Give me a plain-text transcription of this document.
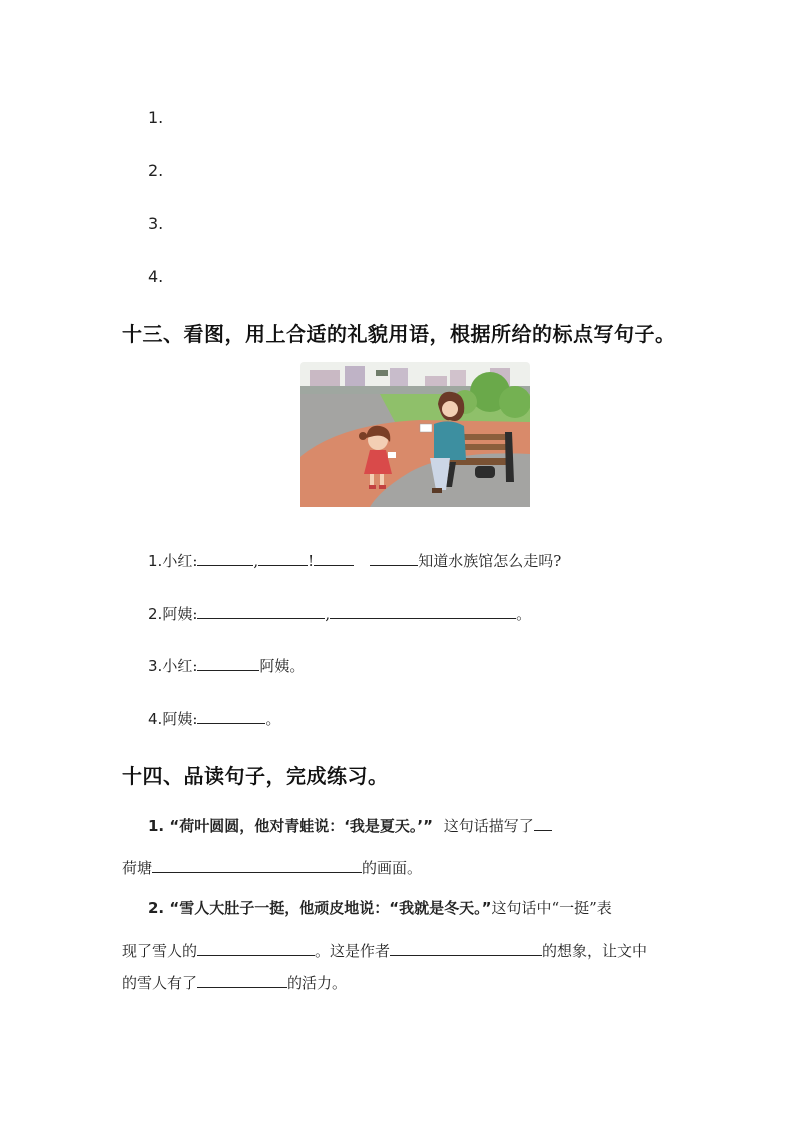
1.
2.
3.
4.
十三、看图，用上合适的礼貌用语，根据所给的标点写句子。
1.小红:	,	!	知道水族馆怎么走吗?
2.阿姨:	,	。
3.小红:	阿姨。
4.阿姨:	。
十四、品读句子，完成练习。
1. “荷叶圆圆，他对青蛙说：‘我是夏天。’” 这句话描写了
荷塘	的画面。
2. “雪人大肚子一挺，他顽皮地说：“我就是冬天。”这句话中“一挺”表
现了雪人的	。这是作者	的想象，让文中
的雪人有了	的活力。
